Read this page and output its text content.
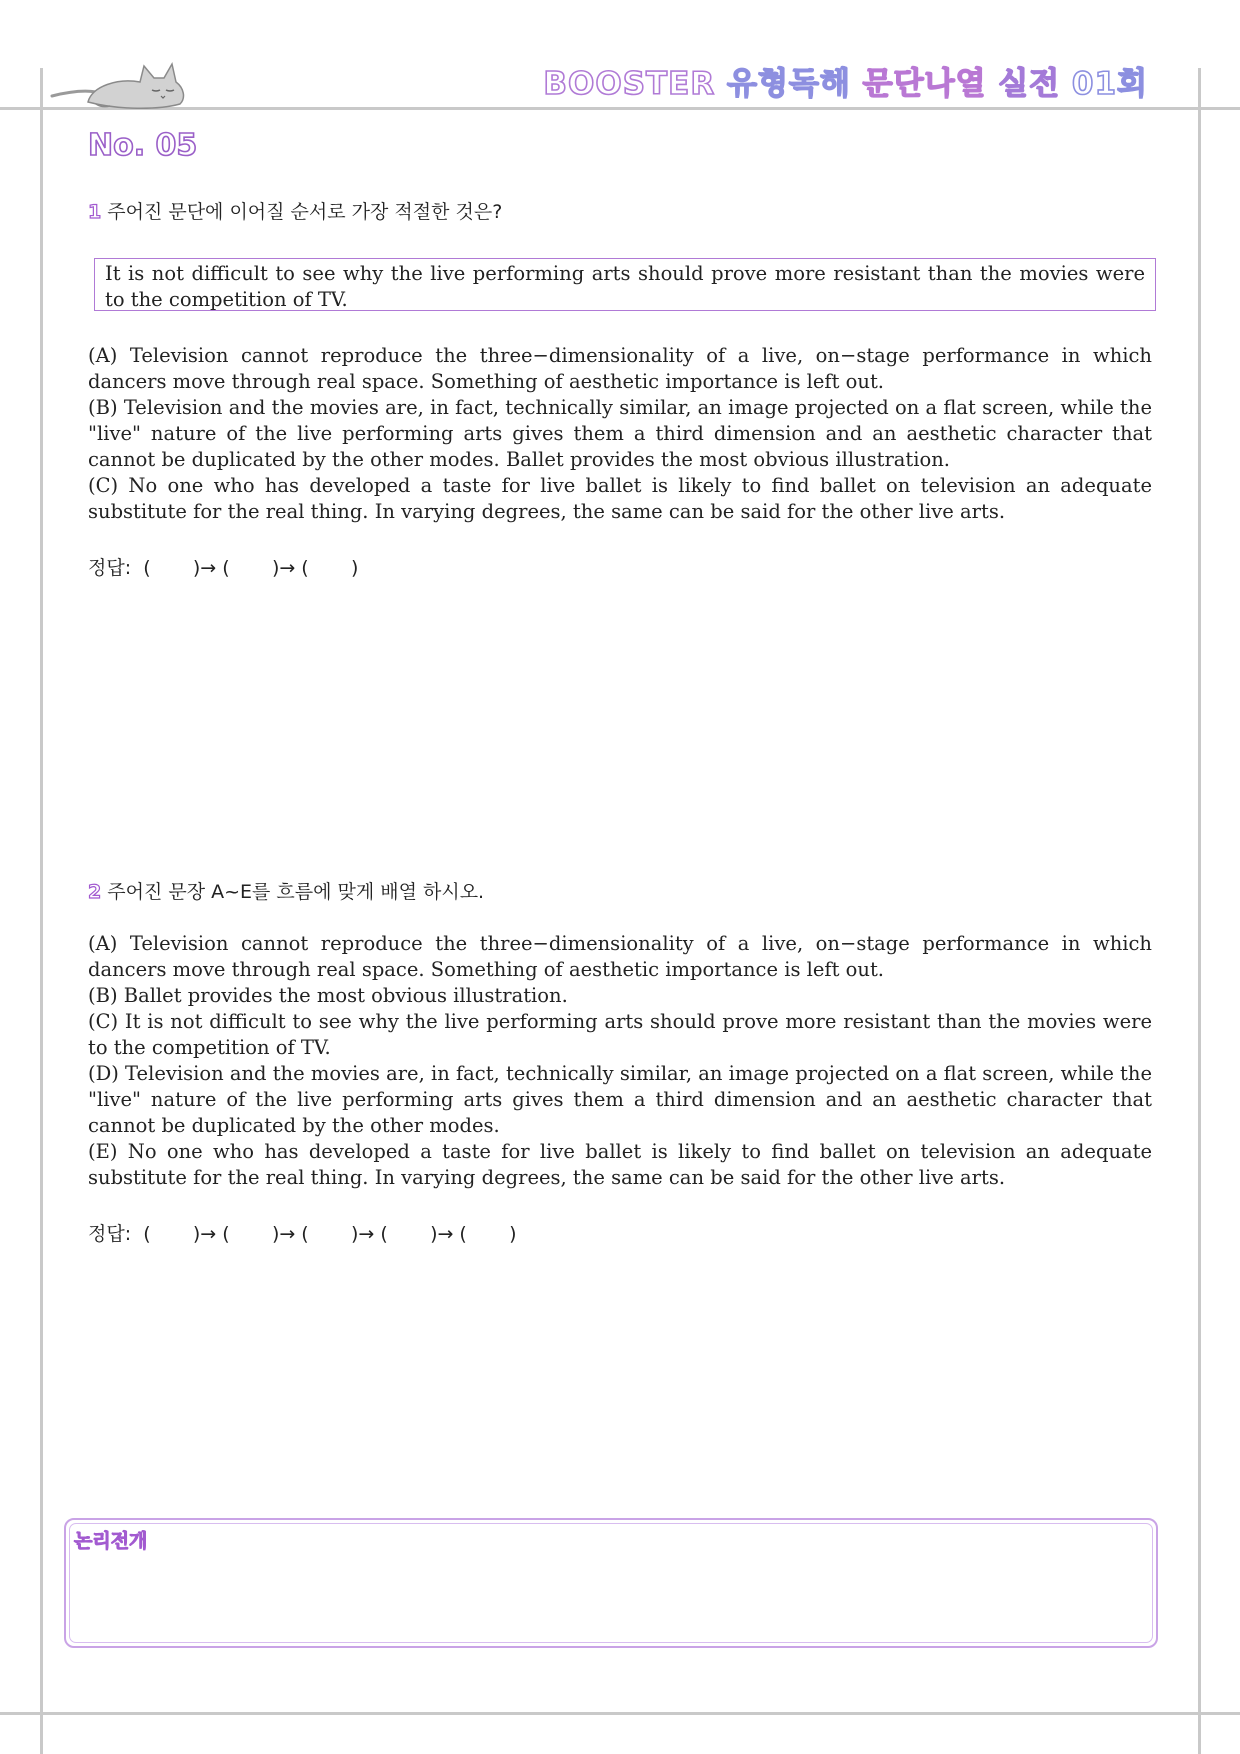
BOOSTER 유형독해 문단나열 실전 01회
No. 05
1 주어진 문단에 이어질 순서로 가장 적절한 것은?
It is not difficult to see why the live performing arts should prove more resistant than the movies were to the competition of TV.

(A) Television cannot reproduce the three−dimensionality of a live, on−stage performance in which dancers move through real space. Something of aesthetic importance is left out.

(B) Television and the movies are, in fact, technically similar, an image projected on a flat screen, while the "live" nature of the live performing arts gives them a third dimension and an aesthetic character that cannot be duplicated by the other modes. Ballet provides the most obvious illustration.

(C) No one who has developed a taste for live ballet is likely to find ballet on television an adequate substitute for the real thing. In varying degrees, the same can be said for the other live arts.

정답:  (       )→ (       )→ (       )
2 주어진 문장 A~E를 흐름에 맞게 배열 하시오.

(A) Television cannot reproduce the three−dimensionality of a live, on−stage performance in which dancers move through real space. Something of aesthetic importance is left out.

(B) Ballet provides the most obvious illustration.

(C) It is not difficult to see why the live performing arts should prove more resistant than the movies were to the competition of TV.

(D) Television and the movies are, in fact, technically similar, an image projected on a flat screen, while the "live" nature of the live performing arts gives them a third dimension and an aesthetic character that cannot be duplicated by the other modes.

(E) No one who has developed a taste for live ballet is likely to find ballet on television an adequate substitute for the real thing. In varying degrees, the same can be said for the other live arts.

정답:  (       )→ (       )→ (       )→ (       )→ (       )
논리전개
